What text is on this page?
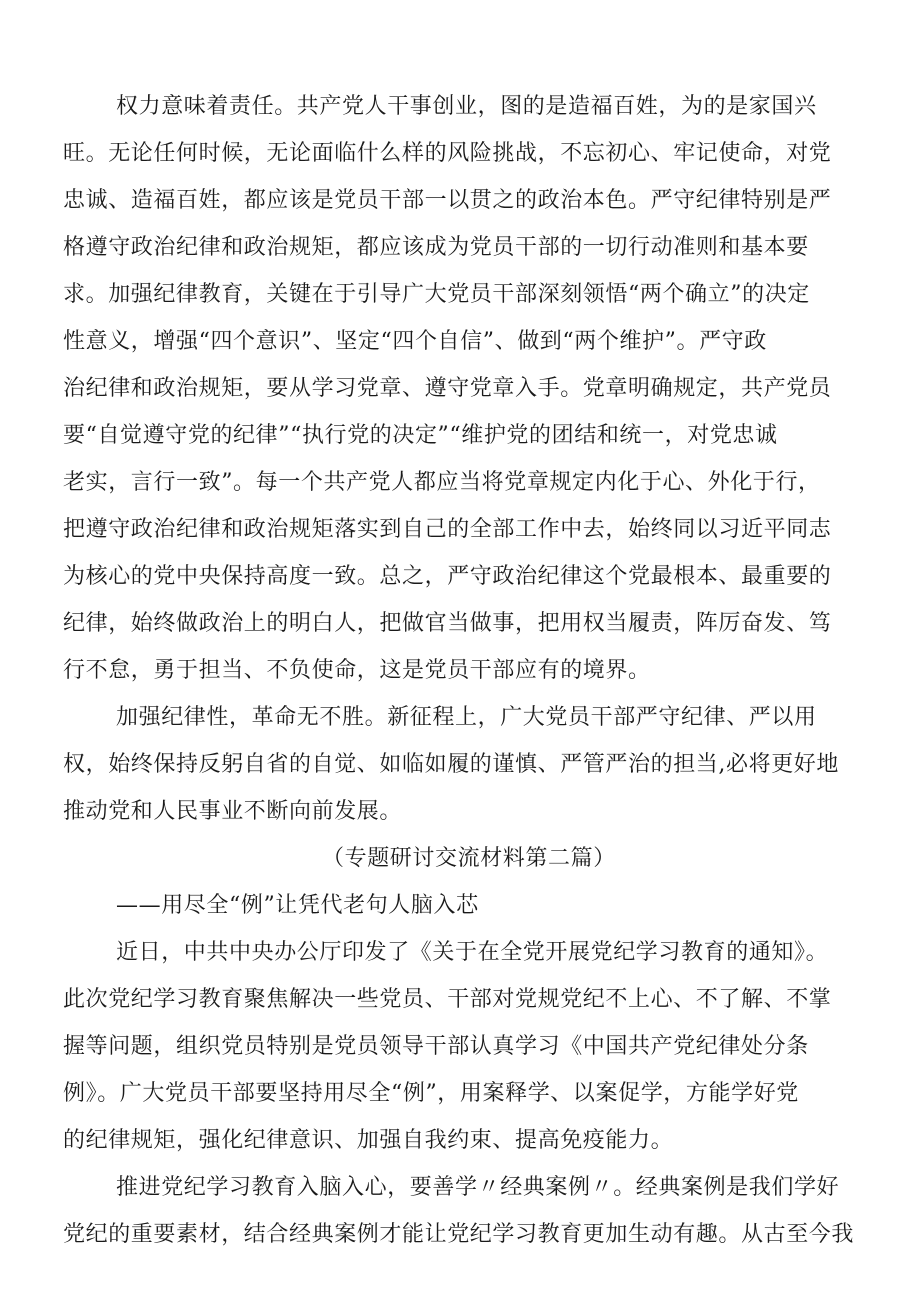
权力意味着责任。共产党人干事创业，图的是造福百姓，为的是家国兴
旺。无论任何时候，无论面临什么样的风险挑战，不忘初心、牢记使命，对党
忠诚、造福百姓，都应该是党员干部一以贯之的政治本色。严守纪律特别是严
格遵守政治纪律和政治规矩，都应该成为党员干部的一切行动准则和基本要
求。加强纪律教育，关键在于引导广大党员干部深刻领悟“两个确立”的决定
性意义，增强“四个意识”、坚定“四个自信”、做到“两个维护”。严守政
治纪律和政治规矩，要从学习党章、遵守党章入手。党章明确规定，共产党员
要“自觉遵守党的纪律”“执行党的决定”“维护党的团结和统一，对党忠诚
老实，言行一致”。每一个共产党人都应当将党章规定内化于心、外化于行，
把遵守政治纪律和政治规矩落实到自己的全部工作中去，始终同以习近平同志
为核心的党中央保持高度一致。总之，严守政治纪律这个党最根本、最重要的
纪律，始终做政治上的明白人，把做官当做事，把用权当履责，阵厉奋发、笃
行不怠，勇于担当、不负使命，这是党员干部应有的境界。
加强纪律性，革命无不胜。新征程上，广大党员干部严守纪律、严以用
权，始终保持反躬自省的自觉、如临如履的谨慎、严管严治的担当,必将更好地
推动党和人民事业不断向前发展。
（专题研讨交流材料第二篇）
——用尽全“例”让凭代老句人脑入芯
近日，中共中央办公厅印发了《关于在全党开展党纪学习教育的通知》。
此次党纪学习教育聚焦解决一些党员、干部对党规党纪不上心、不了解、不掌
握等问题，组织党员特别是党员领导干部认真学习《中国共产党纪律处分条
例》。广大党员干部要坚持用尽全“例”，用案释学、以案促学，方能学好党
的纪律规矩，强化纪律意识、加强自我约束、提高免疫能力。
推进党纪学习教育入脑入心，要善学〃经典案例〃。经典案例是我们学好
党纪的重要素材，结合经典案例才能让党纪学习教育更加生动有趣。从古至今我
